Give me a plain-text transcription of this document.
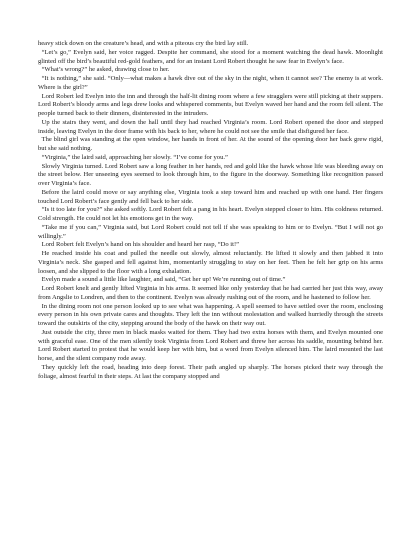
heavy stick down on the creature’s head, and with a piteous cry the bird lay still.

“Let’s go,” Evelyn said, her voice ragged. Despite her command, she stood for a moment watching the dead hawk. Moonlight glinted off the bird’s beautiful red-gold feathers, and for an instant Lord Robert thought he saw fear in Evelyn’s face.

“What’s wrong?” he asked, drawing close to her.

“It is nothing,” she said. “Only—what makes a hawk dive out of the sky in the night, when it cannot see? The enemy is at work. Where is the girl?”

Lord Robert led Evelyn into the inn and through the half-lit dining room where a few stragglers were still picking at their suppers. Lord Robert’s bloody arms and legs drew looks and whispered comments, but Evelyn waved her hand and the room fell silent. The people turned back to their dinners, disinterested in the intruders.

Up the stairs they went, and down the hall until they had reached Virginia’s room. Lord Robert opened the door and stepped inside, leaving Evelyn in the door frame with his back to her, where he could not see the smile that disfigured her face.

The blind girl was standing at the open window, her hands in front of her. At the sound of the opening door her back grew rigid, but she said nothing.

“Virginia,” the laird said, approaching her slowly. “I’ve come for you.”

Slowly Virginia turned. Lord Robert saw a long feather in her hands, red and gold like the hawk whose life was bleeding away on the street below. Her unseeing eyes seemed to look through him, to the figure in the doorway. Something like recognition passed over Virginia’s face.

Before the laird could move or say anything else, Virginia took a step toward him and reached up with one hand. Her fingers touched Lord Robert’s face gently and fell back to her side.

“Is it too late for you?” she asked softly. Lord Robert felt a pang in his heart. Evelyn stepped closer to him. His coldness returned. Cold strength. He could not let his emotions get in the way.

“Take me if you can,” Virginia said, but Lord Robert could not tell if she was speaking to him or to Evelyn. “But I will not go willingly.”

Lord Robert felt Evelyn’s hand on his shoulder and heard her rasp, “Do it!”

He reached inside his coat and pulled the needle out slowly, almost reluctantly. He lifted it slowly and then jabbed it into Virginia’s neck. She gasped and fell against him, momentarily struggling to stay on her feet. Then he felt her grip on his arms loosen, and she slipped to the floor with a long exhalation.

Evelyn made a sound a little like laughter, and said, “Get her up! We’re running out of time.”

Lord Robert knelt and gently lifted Virginia in his arms. It seemed like only yesterday that he had carried her just this way, away from Angslie to Londren, and then to the continent. Evelyn was already rushing out of the room, and he hastened to follow her.

In the dining room not one person looked up to see what was happening. A spell seemed to have settled over the room, enclosing every person in his own private cares and thoughts. They left the inn without molestation and walked hurriedly through the streets toward the outskirts of the city, stepping around the body of the hawk on their way out.

Just outside the city, three men in black masks waited for them. They had two extra horses with them, and Evelyn mounted one with graceful ease. One of the men silently took Virginia from Lord Robert and threw her across his saddle, mounting behind her. Lord Robert started to protest that he would keep her with him, but a word from Evelyn silenced him. The laird mounted the last horse, and the silent company rode away.

They quickly left the road, heading into deep forest. Their path angled up sharply. The horses picked their way through the foliage, almost fearful in their steps. At last the company stopped and
